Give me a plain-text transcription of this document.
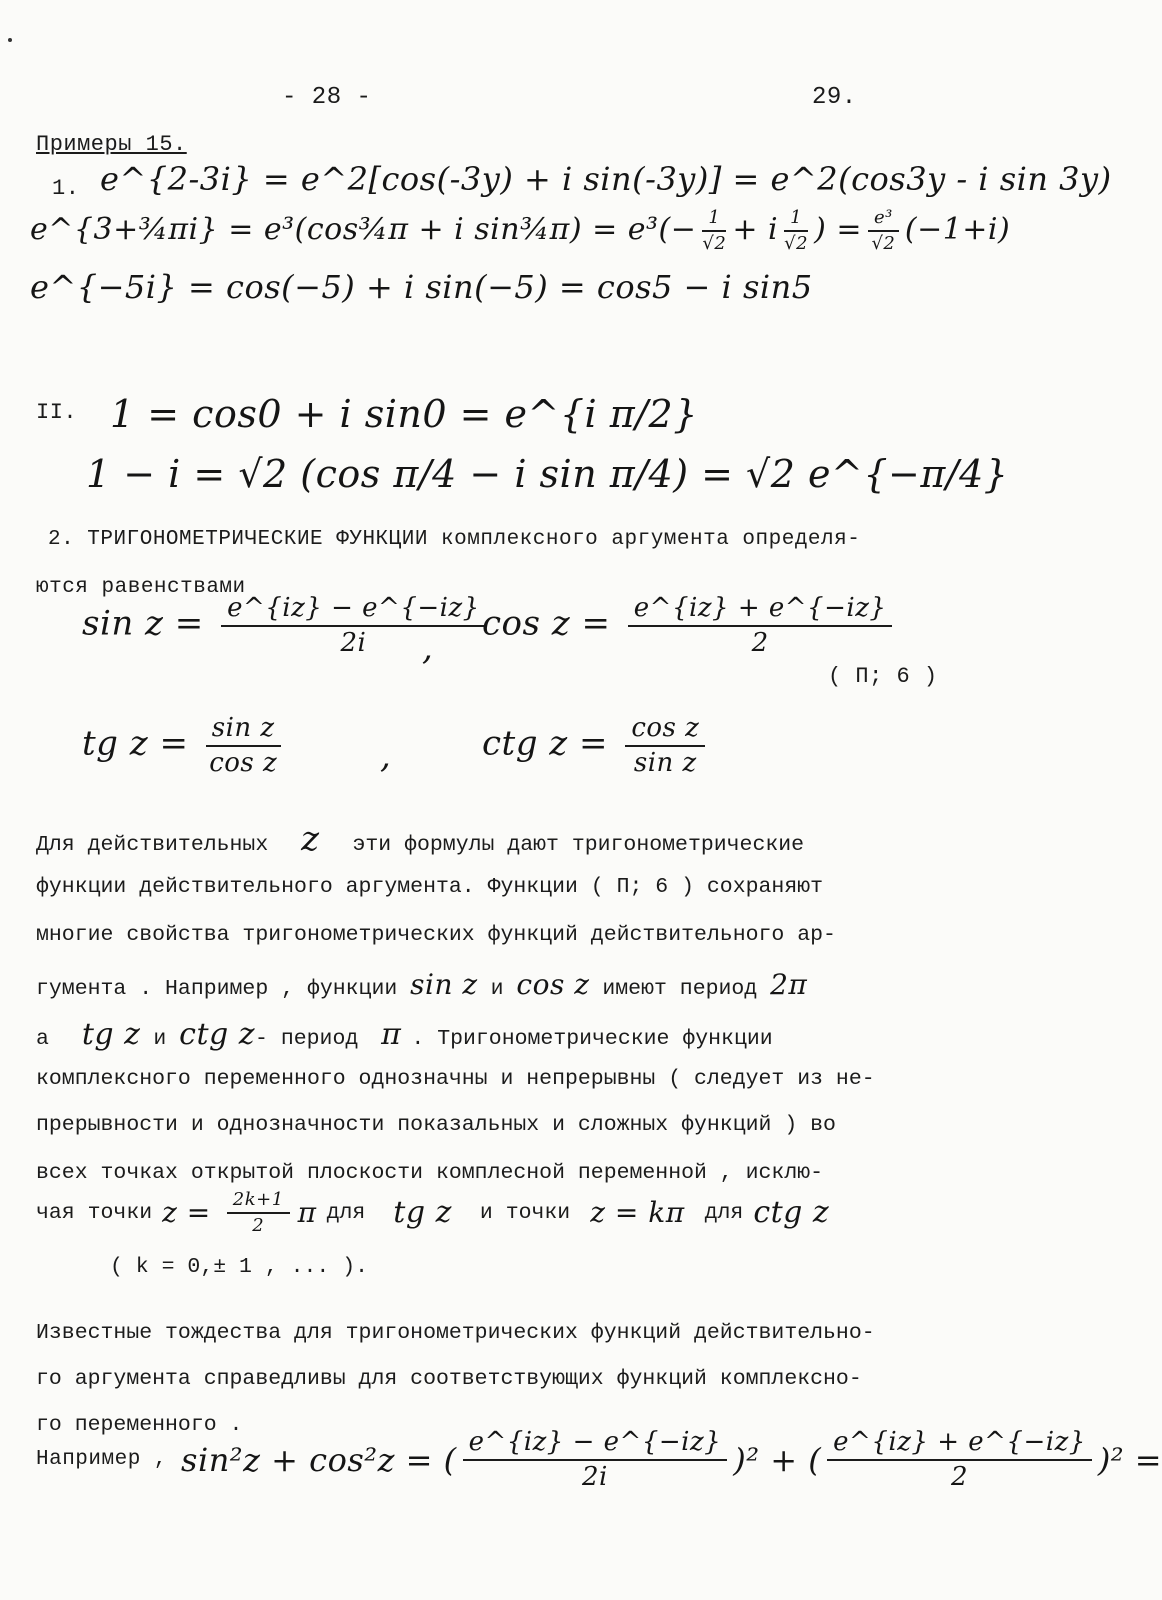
- 28 -	29.
Примеры 15.
1. e^{2-3i} = e^2[cos(-3y) + i sin(-3y)] = e^2(cos3y - i sin 3y)
e^{3+¾πi} = e³(cos¾π + i sin¾π) = $e^3(- \frac{1}{√2} + i \frac{1}{√2}$ ) = $\frac{\text{e³}}{√2} (-1+i)$
e^{−5i} = cos(−5) + i sin(−5) = cos5 − i sin5
II. 1 = cos0 + i sin0 = e^{i π/2}
1 − i = √2 (cos π/4 − i sin π/4) = √2 e^{−π/4}
2. ТРИГОНОМЕТРИЧЕСКИЕ ФУНКЦИИ комплексного аргумента определя-
ются равенствами
$\sin z = \frac{e\^{}\{iz\} - e\^{}\{-iz\}}{2i}$
,
$\cos z = \frac{e\^{}\{iz\} + e\^{}\{-iz\}}{2}$
( П; 6 )
tg $z = \frac{\text{sin z}}{\text{cos z}}$	,	ctg $z = \frac{\text{cos z}}{\text{sin z}}$
Для действительных z эти формулы дают тригонометрические
функции действительного аргумента. Функции ( П; 6 ) сохраняют
многие свойства тригонометрических функций действительного ар-
гумента . Например , функции sin z и cos z имеют период 2π
а tg z и ctg z- период π . Тригонометрические функции
комплексного переменного однозначны и непрерывны ( следует из не-
прерывности и однозначности показальных и сложных функций ) во
всех точках открытой плоскости комплесной переменной , исклю-
чая точки $z = \frac{2k+1}{2}$ π для tg z и точки z = kπ для ctg z
( k = 0,± 1 , ... ).
Известные тождества для тригонометрических функций действительно-
го аргумента справедливы для соответствующих функций комплексно-
го переменного .
Например , sin²z + cos²z = ( $\frac{e\^{}\{iz\} - e\^{}\{-iz\}}{2i} )^2$ + ( $\frac{e\^{}\{iz\} + e\^{}\{-iz\}}{2} )^2$ =
